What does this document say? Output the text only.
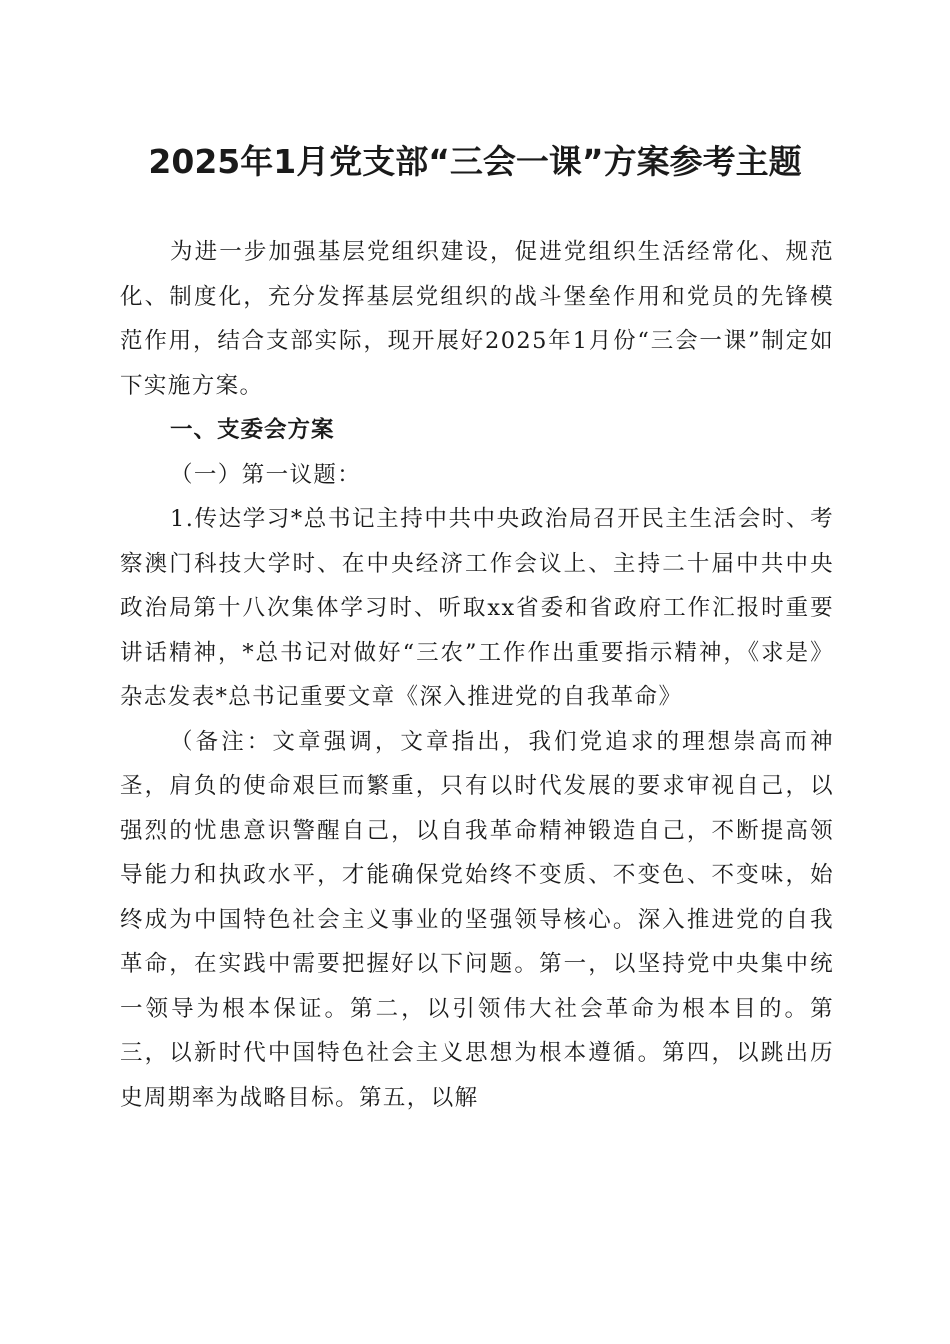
2025年1月党支部“三会一课”方案参考主题

为进一步加强基层党组织建设，促进党组织生活经常化、规范化、制度化，充分发挥基层党组织的战斗堡垒作用和党员的先锋模范作用，结合支部实际，现开展好2025年1月份“三会一课”制定如下实施方案。

一、支委会方案

（一）第一议题：

1.传达学习*总书记主持中共中央政治局召开民主生活会时、考察澳门科技大学时、在中央经济工作会议上、主持二十届中共中央政治局第十八次集体学习时、听取xx省委和省政府工作汇报时重要讲话精神，*总书记对做好“三农”工作作出重要指示精神，《求是》杂志发表*总书记重要文章《深入推进党的自我革命》

（备注：文章强调，文章指出，我们党追求的理想崇高而神圣，肩负的使命艰巨而繁重，只有以时代发展的要求审视自己，以强烈的忧患意识警醒自己，以自我革命精神锻造自己，不断提高领导能力和执政水平，才能确保党始终不变质、不变色、不变味，始终成为中国特色社会主义事业的坚强领导核心。深入推进党的自我革命，在实践中需要把握好以下问题。第一，以坚持党中央集中统一领导为根本保证。第二，以引领伟大社会革命为根本目的。第三，以新时代中国特色社会主义思想为根本遵循。第四，以跳出历史周期率为战略目标。第五，以解
